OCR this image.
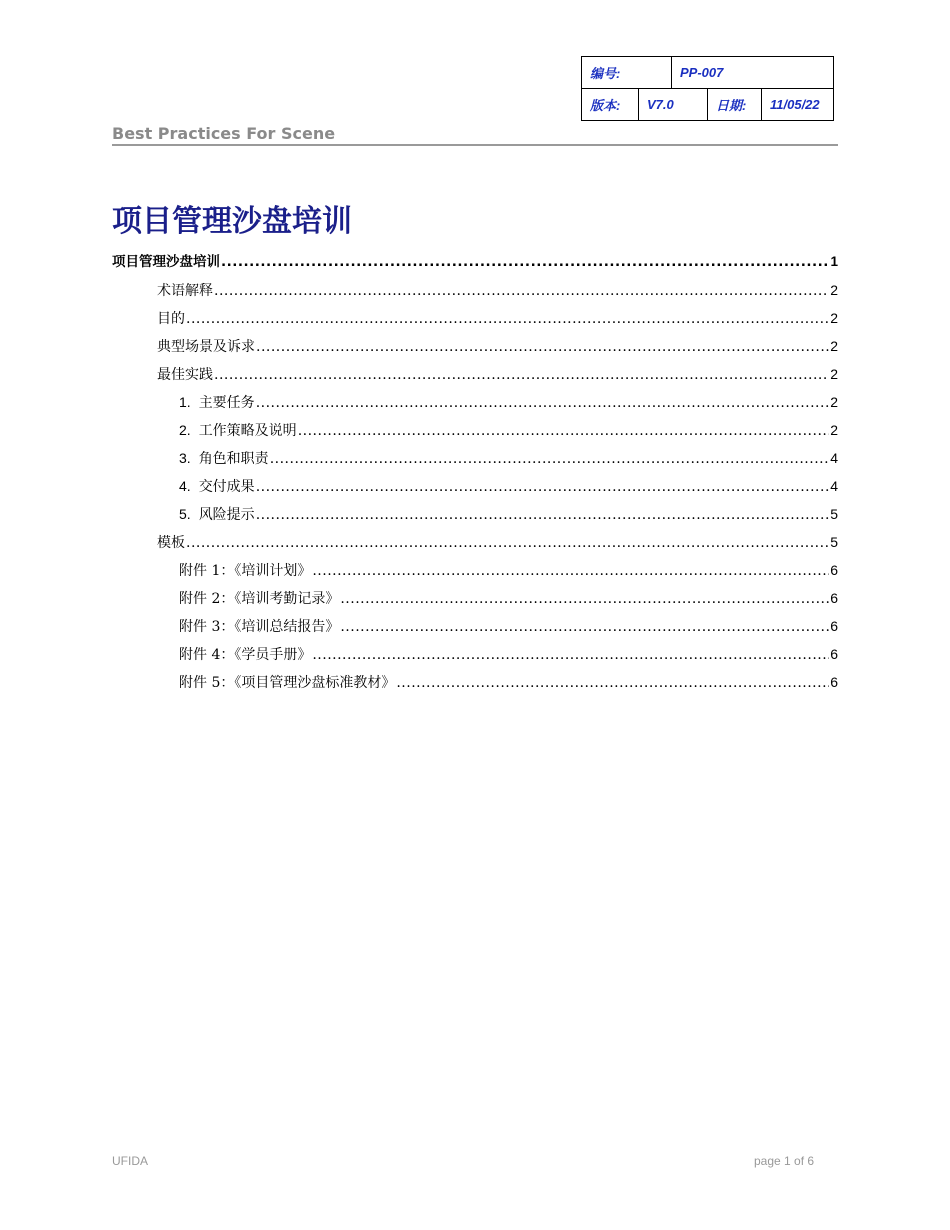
编号:		PP-007		
版本:	V7.0		日期:	11/05/22
Best Practices For Scene
项目管理沙盘培训
项目管理沙盘培训 .....	1
术语解释 .....	2
目的 .....	2
典型场景及诉求 .....	2
最佳实践 .....	2
1. 主要任务 .....	2
2. 工作策略及说明 .....	2
3. 角色和职责 .....	4
4. 交付成果 .....	4
5. 风险提示 .....	5
模板 .....	5
附件 1：《培训计划》 .....	6
附件 2：《培训考勤记录》 .....	6
附件 3：《培训总结报告》 .....	6
附件 4：《学员手册》 .....	6
附件 5：《项目管理沙盘标准教材》 .....	6
UFIDA	page 1 of 6
